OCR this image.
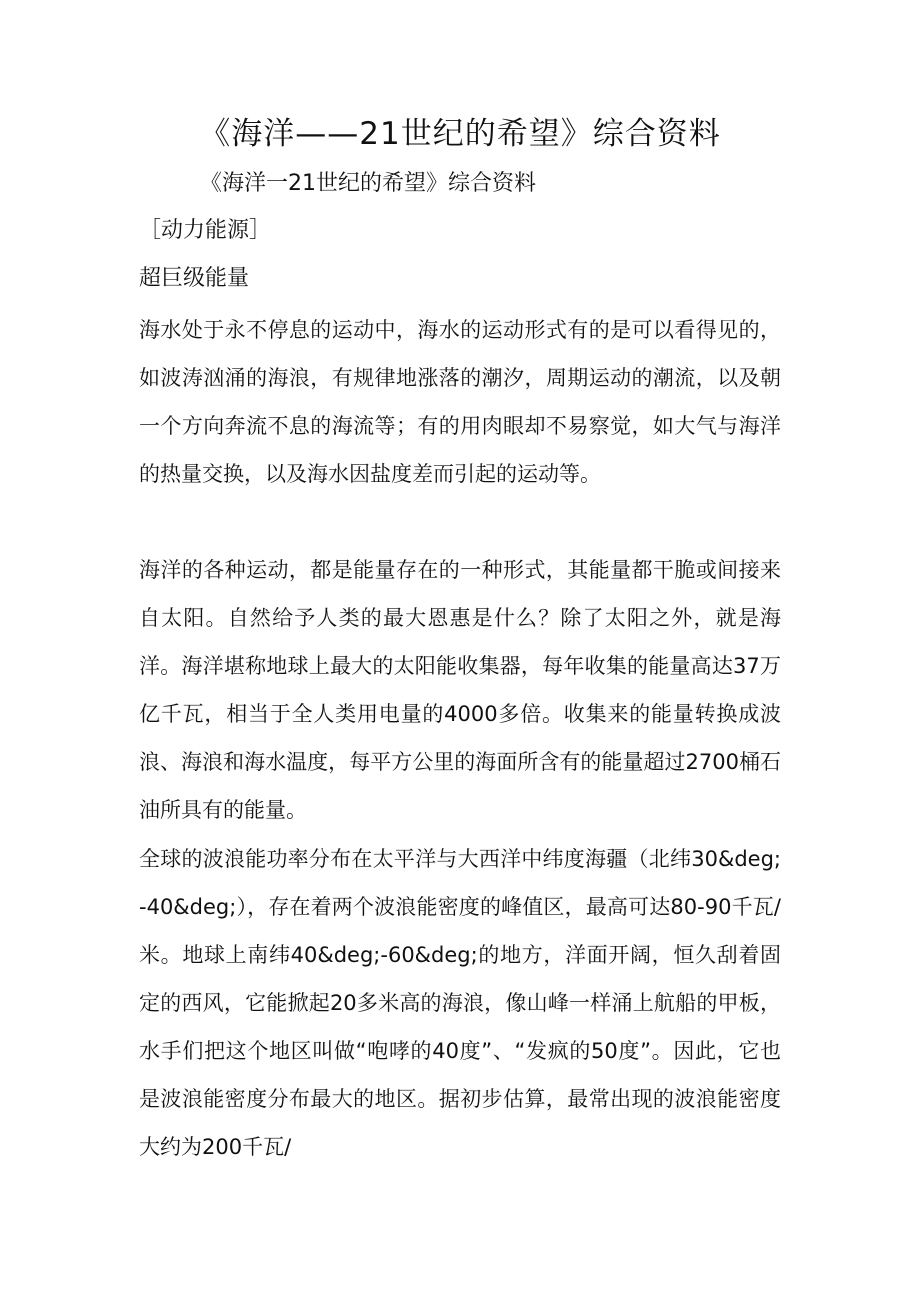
《海洋——21世纪的希望》综合资料
《海洋一21世纪的希望》综合资料
［动力能源］
超巨级能量

海水处于永不停息的运动中，海水的运动形式有的是可以看得见的，如波涛汹涌的海浪，有规律地涨落的潮汐，周期运动的潮流，以及朝一个方向奔流不息的海流等；有的用肉眼却不易察觉，如大气与海洋的热量交换，以及海水因盐度差而引起的运动等。

海洋的各种运动，都是能量存在的一种形式，其能量都干脆或间接来自太阳。自然给予人类的最大恩惠是什么？除了太阳之外，就是海洋。海洋堪称地球上最大的太阳能收集器，每年收集的能量高达37万亿千瓦，相当于全人类用电量的4000多倍。收集来的能量转换成波浪、海浪和海水温度，每平方公里的海面所含有的能量超过2700桶石油所具有的能量。

全球的波浪能功率分布在太平洋与大西洋中纬度海疆（北纬30&deg;-40&deg;），存在着两个波浪能密度的峰值区，最高可达80-90千瓦/米。地球上南纬40&deg;-60&deg;的地方，洋面开阔，恒久刮着固定的西风，它能掀起20多米高的海浪，像山峰一样涌上航船的甲板，水手们把这个地区叫做“咆哮的40度”、“发疯的50度”。因此，它也是波浪能密度分布最大的地区。据初步估算，最常出现的波浪能密度大约为200千瓦/
